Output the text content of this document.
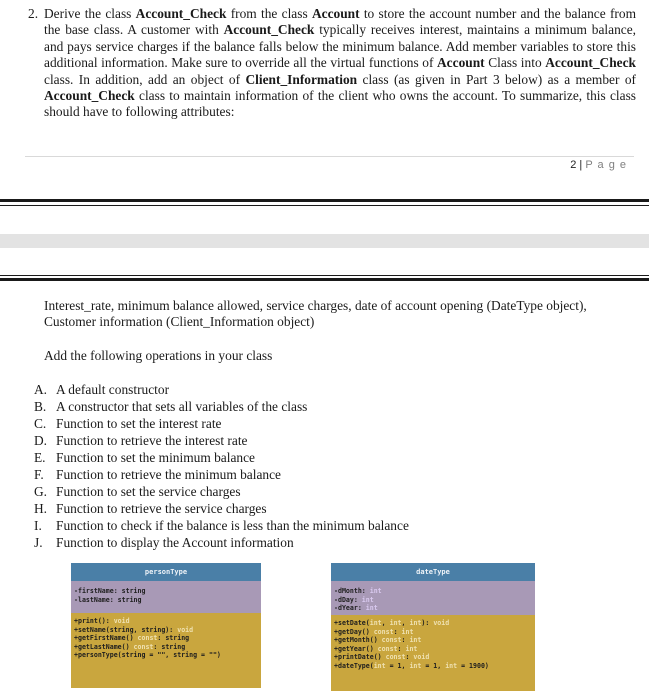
2. Derive the class Account_Check from the class Account to store the account number and the balance from the base class. A customer with Account_Check typically receives interest, maintains a minimum balance, and pays service charges if the balance falls below the minimum balance. Add member variables to store this additional information. Make sure to override all the virtual functions of Account Class into Account_Check class. In addition, add an object of Client_Information class (as given in Part 3 below) as a member of Account_Check class to maintain information of the client who owns the account. To summarize, this class should have to following attributes:
2 | P a g e
Interest_rate, minimum balance allowed, service charges, date of account opening (DateType object), Customer information (Client_Information object)
Add the following operations in your class
A. A default constructor
B. A constructor that sets all variables of the class
C. Function to set the interest rate
D. Function to retrieve the interest rate
E. Function to set the minimum balance
F. Function to retrieve the minimum balance
G. Function to set the service charges
H. Function to retrieve the service charges
I. Function to check if the balance is less than the minimum balance
J. Function to display the Account information
personType
-firstName: string
-lastName: string
+print(): void
+setName(string, string): void
+getFirstName() const: string
+getLastName() const: string
+personType(string = "", string = "")
dateType
-dMonth: int
-dDay: int
-dYear: int
+setDate(int, int, int): void
+getDay() const: int
+getMonth() const: int
+getYear() const: int
+printDate() const: void
+dateType(int = 1, int = 1, int = 1900)
